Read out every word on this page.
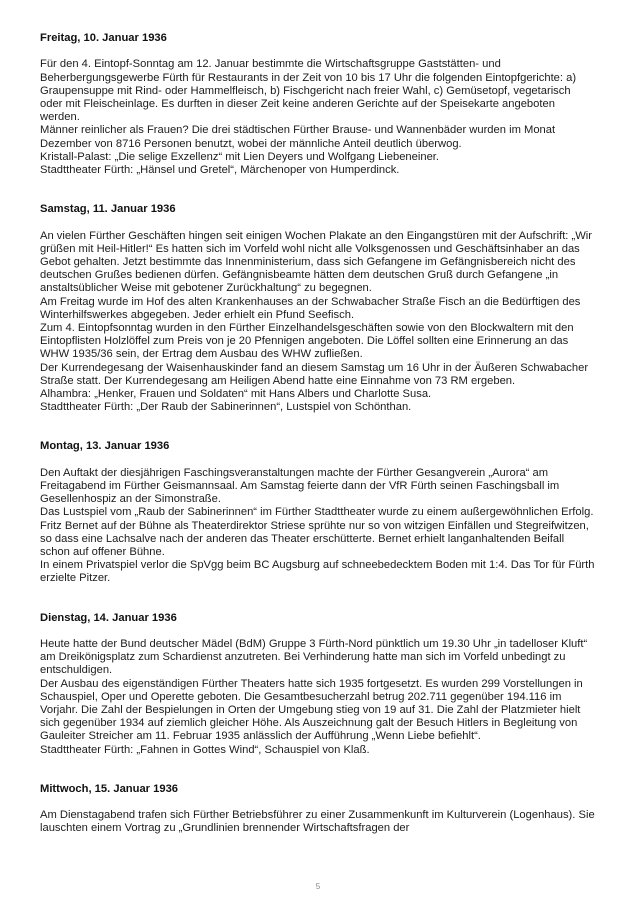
Freitag, 10. Januar 1936

Für den 4. Eintopf-Sonntag am 12. Januar bestimmte die Wirtschaftsgruppe Gaststätten- und Beherbergungsgewerbe Fürth für Restaurants in der Zeit von 10 bis 17 Uhr die folgenden Eintopfgerichte: a) Graupensuppe mit Rind- oder Hammelfleisch, b) Fischgericht nach freier Wahl, c) Gemüsetopf, vegetarisch oder mit Fleischeinlage. Es durften in dieser Zeit keine anderen Gerichte auf der Speisekarte angeboten werden.

Männer reinlicher als Frauen? Die drei städtischen Fürther Brause- und Wannenbäder wurden im Monat Dezember von 8716 Personen benutzt, wobei der männliche Anteil deutlich überwog.

Kristall-Palast: „Die selige Exzellenz“ mit Lien Deyers und Wolfgang Liebeneiner.

Stadttheater Fürth: „Hänsel und Gretel“, Märchenoper von Humperdinck.

Samstag, 11. Januar 1936

An vielen Fürther Geschäften hingen seit einigen Wochen Plakate an den Eingangstüren mit der Aufschrift: „Wir grüßen mit Heil-Hitler!“ Es hatten sich im Vorfeld wohl nicht alle Volksgenossen und Geschäftsinhaber an das Gebot gehalten. Jetzt bestimmte das Innenministerium, dass sich Gefangene im Gefängnisbereich nicht des deutschen Grußes bedienen dürfen. Gefängnisbeamte hätten dem deutschen Gruß durch Gefangene „in anstaltsüblicher Weise mit gebotener Zurückhaltung“ zu begegnen.

Am Freitag wurde im Hof des alten Krankenhauses an der Schwabacher Straße Fisch an die Bedürftigen des Winterhilfswerkes abgegeben. Jeder erhielt ein Pfund Seefisch.

Zum 4. Eintopfsonntag wurden in den Fürther Einzelhandelsgeschäften sowie von den Blockwaltern mit den Eintopflisten Holzlöffel zum Preis von je 20 Pfennigen angeboten. Die Löffel sollten eine Erinnerung an das WHW 1935/36 sein, der Ertrag dem Ausbau des WHW zufließen.

Der Kurrendegesang der Waisenhauskinder fand an diesem Samstag um 16 Uhr in der Äußeren Schwabacher Straße statt. Der Kurrendegesang am Heiligen Abend hatte eine Einnahme von 73 RM ergeben.

Alhambra: „Henker, Frauen und Soldaten“ mit Hans Albers und Charlotte Susa.

Stadttheater Fürth: „Der Raub der Sabinerinnen“, Lustspiel von Schönthan.

Montag, 13. Januar 1936

Den Auftakt der diesjährigen Faschingsveranstaltungen machte der Fürther Gesangverein „Aurora“ am Freitagabend im Fürther Geismannsaal. Am Samstag feierte dann der VfR Fürth seinen Faschingsball im Gesellenhospiz an der Simonstraße.

Das Lustspiel vom „Raub der Sabinerinnen“ im Fürther Stadttheater wurde zu einem außergewöhnlichen Erfolg. Fritz Bernet auf der Bühne als Theaterdirektor Striese sprühte nur so von witzigen Einfällen und Stegreifwitzen, so dass eine Lachsalve nach der anderen das Theater erschütterte. Bernet erhielt langanhaltenden Beifall schon auf offener Bühne.

In einem Privatspiel verlor die SpVgg beim BC Augsburg auf schneebedecktem Boden mit 1:4. Das Tor für Fürth erzielte Pitzer.

Dienstag, 14. Januar 1936

Heute hatte der Bund deutscher Mädel (BdM) Gruppe 3 Fürth-Nord pünktlich um 19.30 Uhr „in tadelloser Kluft“ am Dreikönigsplatz zum Schardienst anzutreten. Bei Verhinderung hatte man sich im Vorfeld unbedingt zu entschuldigen.

Der Ausbau des eigenständigen Fürther Theaters hatte sich 1935 fortgesetzt. Es wurden 299 Vorstellungen in Schauspiel, Oper und Operette geboten. Die Gesamtbesucherzahl betrug 202.711 gegenüber 194.116 im Vorjahr. Die Zahl der Bespielungen in Orten der Umgebung stieg von 19 auf 31. Die Zahl der Platzmieter hielt sich gegenüber 1934 auf ziemlich gleicher Höhe. Als Auszeichnung galt der Besuch Hitlers in Begleitung von Gauleiter Streicher am 11. Februar 1935 anlässlich der Aufführung „Wenn Liebe befiehlt“.

Stadttheater Fürth: „Fahnen in Gottes Wind“, Schauspiel von Klaß.

Mittwoch, 15. Januar 1936

Am Dienstagabend trafen sich Fürther Betriebsführer zu einer Zusammenkunft im Kulturverein (Logenhaus). Sie lauschten einem Vortrag zu „Grundlinien brennender Wirtschaftsfragen der

5
